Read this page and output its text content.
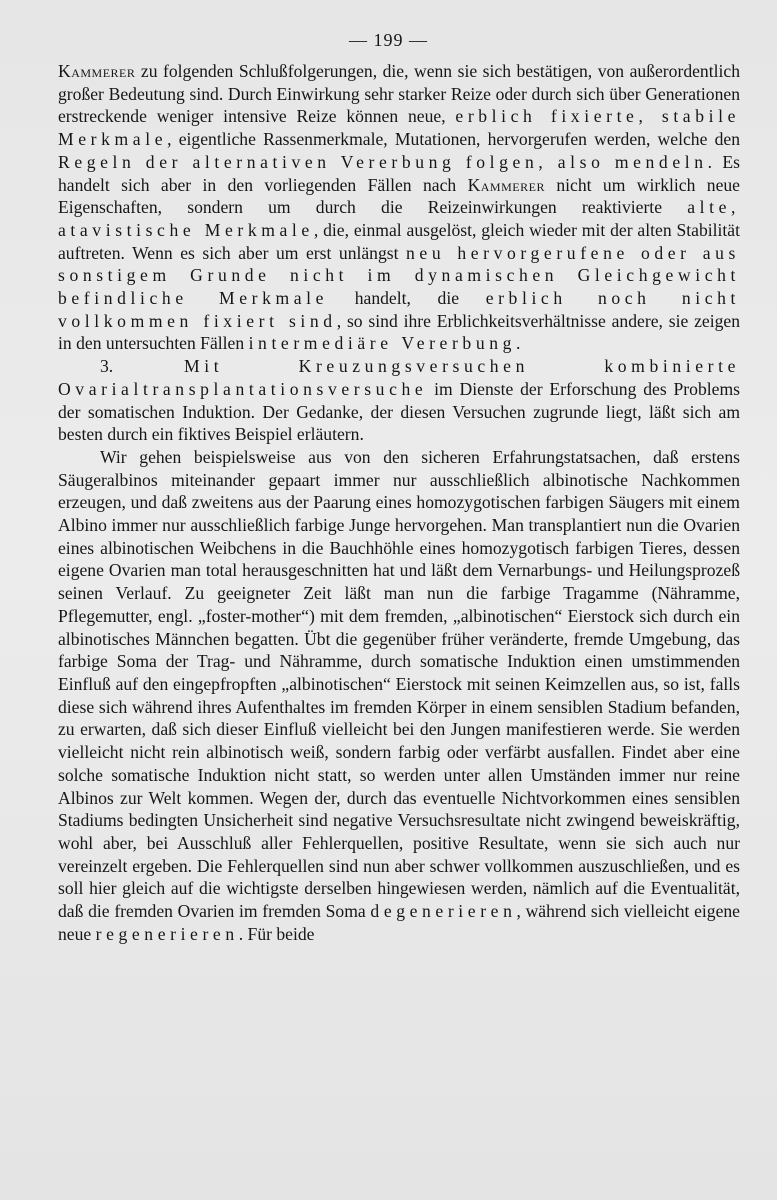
— 199 —

Kammerer zu folgenden Schlußfolgerungen, die, wenn sie sich bestätigen, von außerordentlich großer Bedeutung sind. Durch Einwirkung sehr starker Reize oder durch sich über Generationen erstreckende weniger intensive Reize können neue, erblich fixierte, stabile Merkmale, eigentliche Rassenmerkmale, Mutationen, hervorgerufen werden, welche den Regeln der alternativen Vererbung folgen, also mendeln. Es handelt sich aber in den vorliegenden Fällen nach Kammerer nicht um wirklich neue Eigenschaften, sondern um durch die Reizeinwirkungen reaktivierte alte, atavistische Merkmale, die, einmal ausgelöst, gleich wieder mit der alten Stabilität auftreten. Wenn es sich aber um erst unlängst neu hervorgerufene oder aus sonstigem Grunde nicht im dynamischen Gleichgewicht befindliche Merkmale handelt, die erblich noch nicht vollkommen fixiert sind, so sind ihre Erblichkeitsverhältnisse andere, sie zeigen in den untersuchten Fällen intermediäre Vererbung.

3. Mit Kreuzungsversuchen kombinierte Ovarialtransplantationsversuche im Dienste der Erforschung des Problems der somatischen Induktion. Der Gedanke, der diesen Versuchen zugrunde liegt, läßt sich am besten durch ein fiktives Beispiel erläutern.

Wir gehen beispielsweise aus von den sicheren Erfahrungstatsachen, daß erstens Säugeralbinos miteinander gepaart immer nur ausschließlich albinotische Nachkommen erzeugen, und daß zweitens aus der Paarung eines homozygotischen farbigen Säugers mit einem Albino immer nur ausschließlich farbige Junge hervorgehen. Man transplantiert nun die Ovarien eines albinotischen Weibchens in die Bauchhöhle eines homozygotisch farbigen Tieres, dessen eigene Ovarien man total herausgeschnitten hat und läßt dem Vernarbungs- und Heilungsprozeß seinen Verlauf. Zu geeigneter Zeit läßt man nun die farbige Tragamme (Nähramme, Pflegemutter, engl. „foster-mother“) mit dem fremden, „albinotischen“ Eierstock sich durch ein albinotisches Männchen begatten. Übt die gegenüber früher veränderte, fremde Umgebung, das farbige Soma der Trag- und Nähramme, durch somatische Induktion einen umstimmenden Einfluß auf den eingepfropften „albinotischen“ Eierstock mit seinen Keimzellen aus, so ist, falls diese sich während ihres Aufenthaltes im fremden Körper in einem sensiblen Stadium befanden, zu erwarten, daß sich dieser Einfluß vielleicht bei den Jungen manifestieren werde. Sie werden vielleicht nicht rein albinotisch weiß, sondern farbig oder verfärbt ausfallen. Findet aber eine solche somatische Induktion nicht statt, so werden unter allen Umständen immer nur reine Albinos zur Welt kommen. Wegen der, durch das eventuelle Nichtvorkommen eines sensiblen Stadiums bedingten Unsicherheit sind negative Versuchsresultate nicht zwingend beweiskräftig, wohl aber, bei Ausschluß aller Fehlerquellen, positive Resultate, wenn sie sich auch nur vereinzelt ergeben. Die Fehlerquellen sind nun aber schwer vollkommen auszuschließen, und es soll hier gleich auf die wichtigste derselben hingewiesen werden, nämlich auf die Eventualität, daß die fremden Ovarien im fremden Soma degenerieren, während sich vielleicht eigene neue regenerieren. Für beide
